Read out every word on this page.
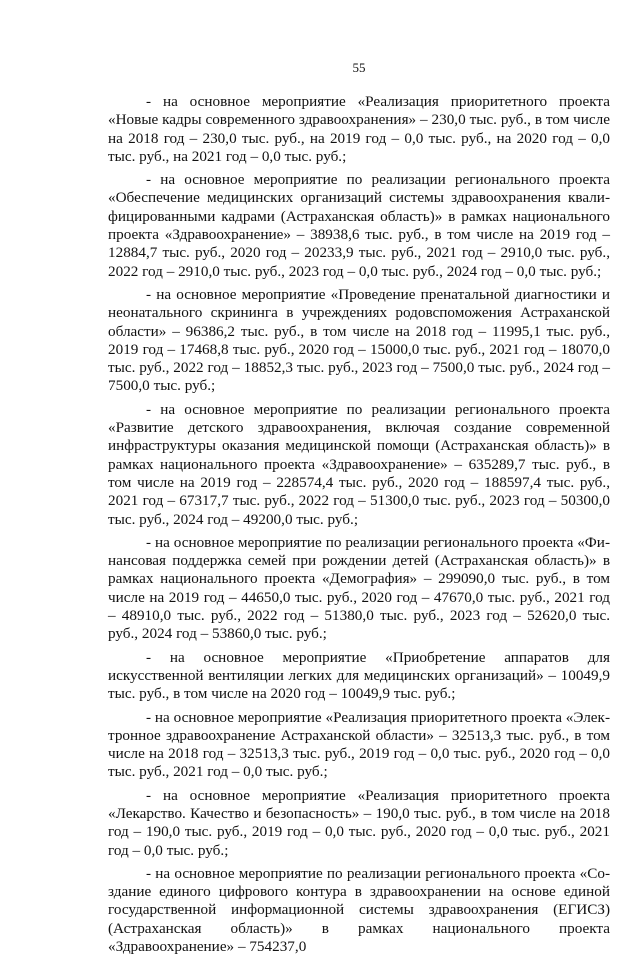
55

- на основное мероприятие «Реализация приоритетного проекта «Новые кадры современного здравоохранения» – 230,0 тыс. руб., в том числе на 2018 год – 230,0 тыс. руб., на 2019 год – 0,0 тыс. руб., на 2020 год – 0,0 тыс. руб., на 2021 год – 0,0 тыс. руб.;

- на основное мероприятие по реализации регионального проекта «Обеспечение медицинских организаций системы здравоохранения квалифицированными кадрами (Астраханская область)» в рамках национального проекта «Здравоохранение» – 38938,6 тыс. руб., в том числе на 2019 год – 12884,7 тыс. руб., 2020 год – 20233,9 тыс. руб., 2021 год – 2910,0 тыс. руб., 2022 год – 2910,0 тыс. руб., 2023 год – 0,0 тыс. руб., 2024 год – 0,0 тыс. руб.;

- на основное мероприятие «Проведение пренатальной диагностики и неонатального скрининга в учреждениях родовспоможения Астраханской области» – 96386,2 тыс. руб., в том числе на 2018 год – 11995,1 тыс. руб., 2019 год – 17468,8 тыс. руб., 2020 год – 15000,0 тыс. руб., 2021 год – 18070,0 тыс. руб., 2022 год – 18852,3 тыс. руб., 2023 год – 7500,0 тыс. руб., 2024 год – 7500,0 тыс. руб.;

- на основное мероприятие по реализации регионального проекта «Развитие детского здравоохранения, включая создание современной инфраструктуры оказания медицинской помощи (Астраханская область)» в рамках национального проекта «Здравоохранение» – 635289,7 тыс. руб., в том числе на 2019 год – 228574,4 тыс. руб., 2020 год – 188597,4 тыс. руб., 2021 год – 67317,7 тыс. руб., 2022 год – 51300,0 тыс. руб., 2023 год – 50300,0 тыс. руб., 2024 год – 49200,0 тыс. руб.;

- на основное мероприятие по реализации регионального проекта «Финансовая поддержка семей при рождении детей (Астраханская область)» в рамках национального проекта «Демография» – 299090,0 тыс. руб., в том числе на 2019 год – 44650,0 тыс. руб., 2020 год – 47670,0 тыс. руб., 2021 год – 48910,0 тыс. руб., 2022 год – 51380,0 тыс. руб., 2023 год – 52620,0 тыс. руб., 2024 год – 53860,0 тыс. руб.;

- на основное мероприятие «Приобретение аппаратов для искусственной вентиляции легких для медицинских организаций» – 10049,9 тыс. руб., в том числе на 2020 год – 10049,9 тыс. руб.;

- на основное мероприятие «Реализация приоритетного проекта «Электронное здравоохранение Астраханской области» – 32513,3 тыс. руб., в том числе на 2018 год – 32513,3 тыс. руб., 2019 год – 0,0 тыс. руб., 2020 год – 0,0 тыс. руб., 2021 год – 0,0 тыс. руб.;

- на основное мероприятие «Реализация приоритетного проекта «Лекарство. Качество и безопасность» – 190,0 тыс. руб., в том числе на 2018 год – 190,0 тыс. руб., 2019 год – 0,0 тыс. руб., 2020 год – 0,0 тыс. руб., 2021 год – 0,0 тыс. руб.;

- на основное мероприятие по реализации регионального проекта «Создание единого цифрового контура в здравоохранении на основе единой государственной информационной системы здравоохранения (ЕГИСЗ) (Астраханская область)» в рамках национального проекта «Здравоохранение» – 754237,0
